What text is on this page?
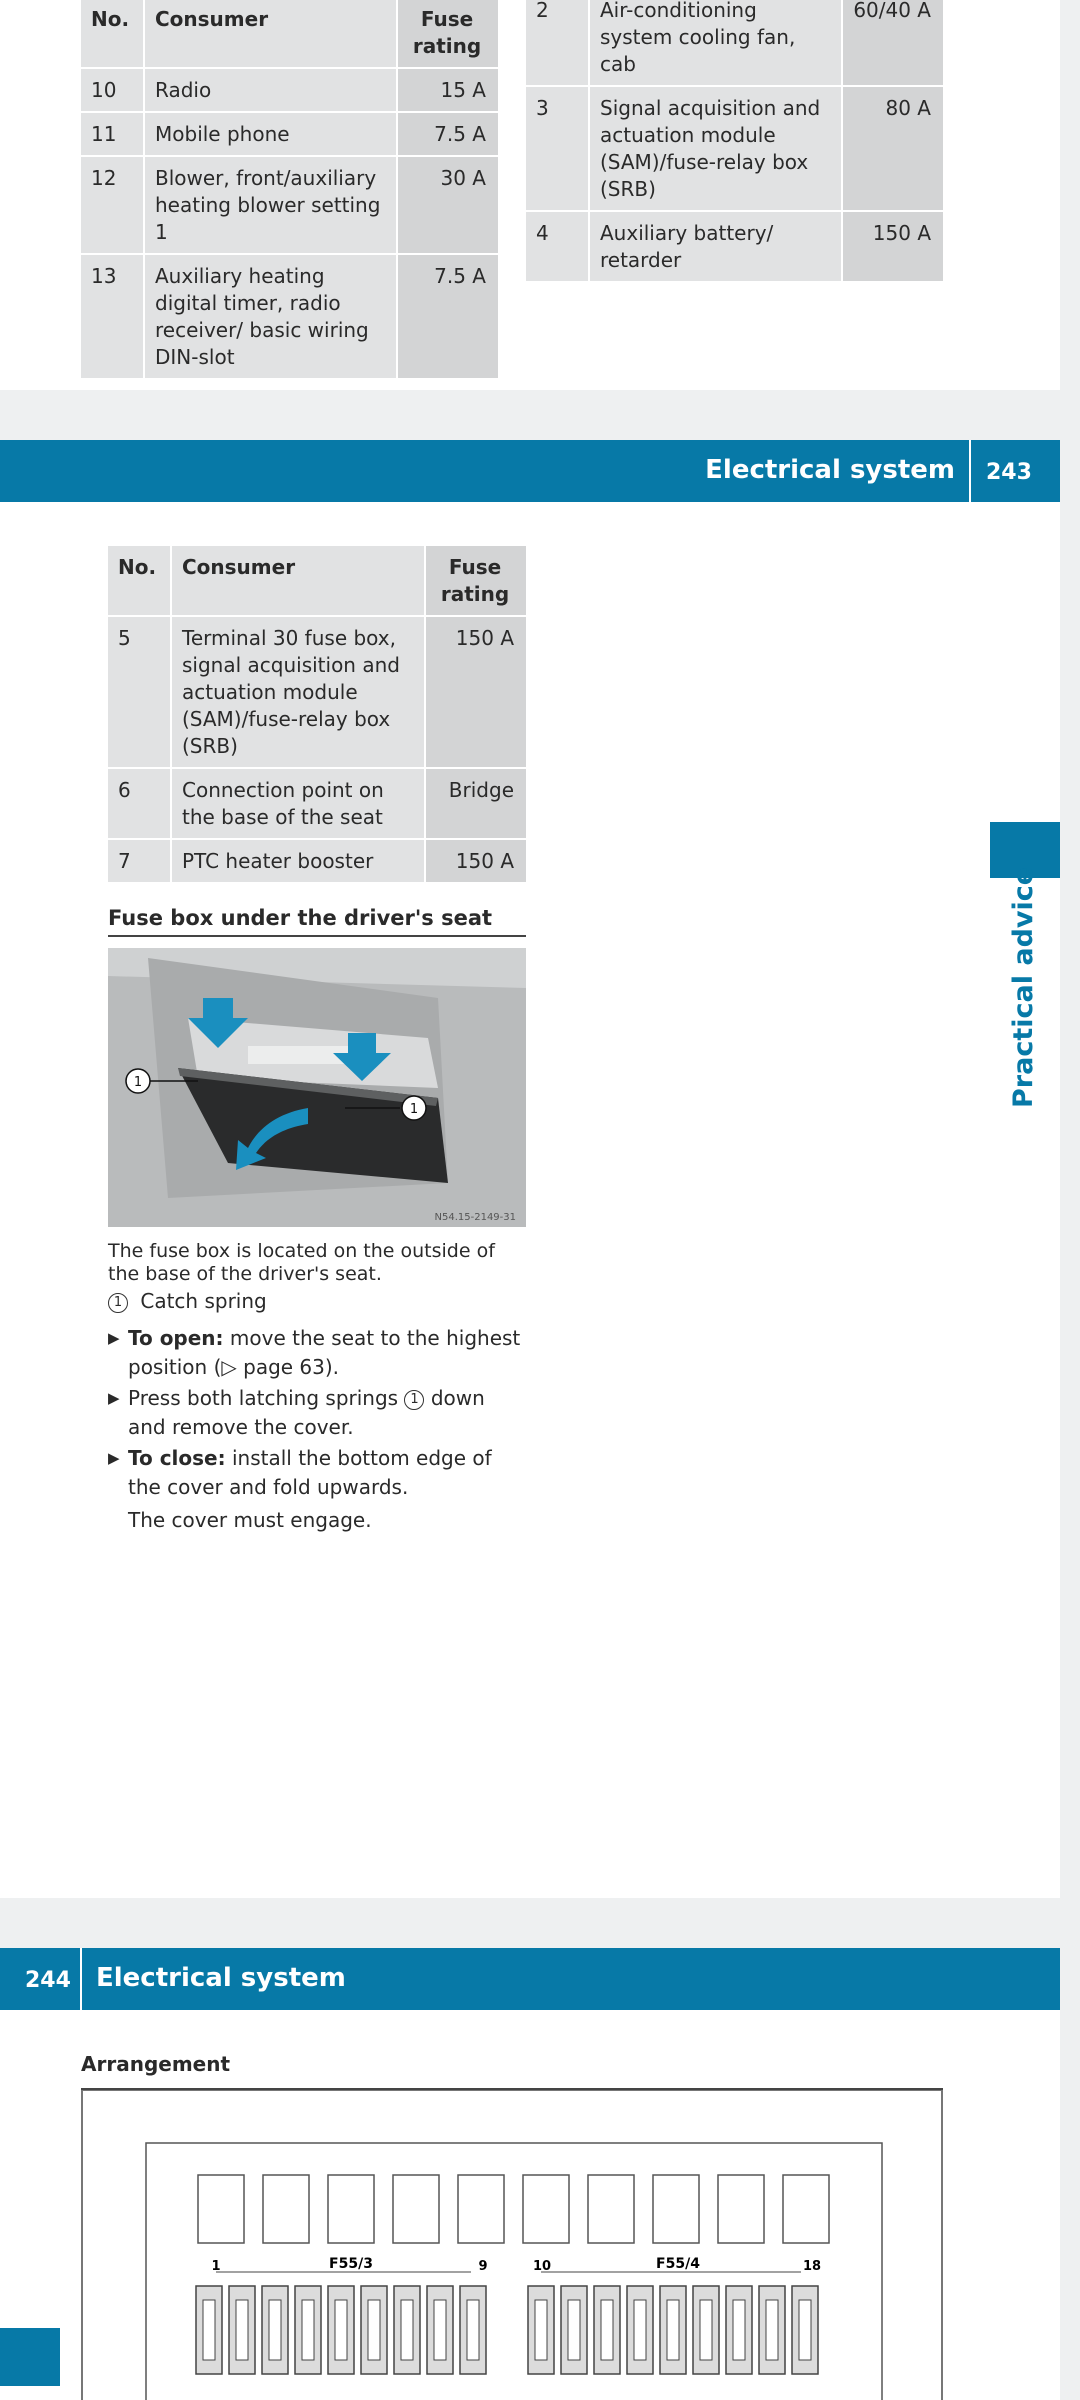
No.	Consumer	Fuse rating
10	Radio	15 A
11	Mobile phone	7.5 A
12	Blower, front/auxiliary heating blower setting 1	30 A
13	Auxiliary heating digital timer, radio receiver/ basic wiring DIN-slot	7.5 A
2	Air-conditioning system cooling fan, cab	60/40 A
3	Signal acquisition and actuation module (SAM)/fuse-relay box (SRB)	80 A
4	Auxiliary battery/ retarder	150 A
Electrical system 243
No.	Consumer	Fuse rating
5	Terminal 30 fuse box, signal acquisition and actuation module (SAM)/fuse-relay box (SRB)	150 A
6	Connection point on the base of the seat	Bridge
7	PTC heater booster	150 A
Fuse box under the driver's seat
The fuse box is located on the outside of the base of the driver's seat.
1 Catch spring
▶ To open: move the seat to the highest position (▷ page 63).
▶ Press both latching springs 1 down and remove the cover.
▶ To close: install the bottom edge of the cover and fold upwards.
The cover must engage.
1
1
N54.15-2149-31
Practical advice
244 Electrical system
Arrangement
1	F55/3	9	10	F55/4	18
